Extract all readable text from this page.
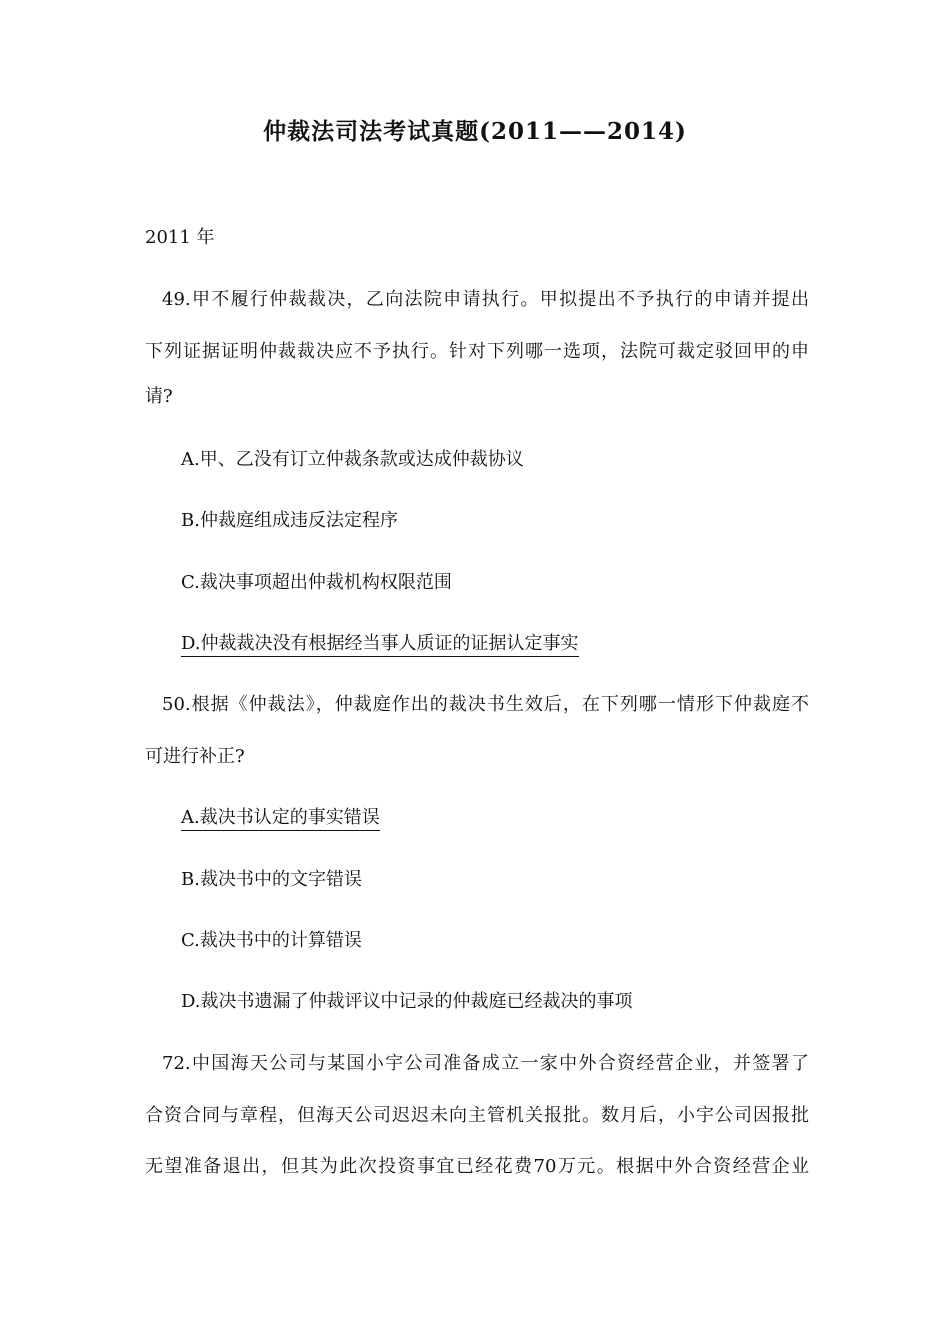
仲裁法司法考试真题(2011——2014)
2011 年
49.甲不履行仲裁裁决，乙向法院申请执行。甲拟提出不予执行的申请并提出
下列证据证明仲裁裁决应不予执行。针对下列哪一选项，法院可裁定驳回甲的申
请?
A.甲、乙没有订立仲裁条款或达成仲裁协议
B.仲裁庭组成违反法定程序
C.裁决事项超出仲裁机构权限范围
D.仲裁裁决没有根据经当事人质证的证据认定事实
50.根据《仲裁法》，仲裁庭作出的裁决书生效后，在下列哪一情形下仲裁庭不
可进行补正?
A.裁决书认定的事实错误
B.裁决书中的文字错误
C.裁决书中的计算错误
D.裁决书遗漏了仲裁评议中记录的仲裁庭已经裁决的事项
72.中国海天公司与某国小宇公司准备成立一家中外合资经营企业，并签署了
合资合同与章程，但海天公司迟迟未向主管机关报批。数月后，小宇公司因报批
无望准备退出，但其为此次投资事宜已经花费70万元。根据中外合资经营企业
